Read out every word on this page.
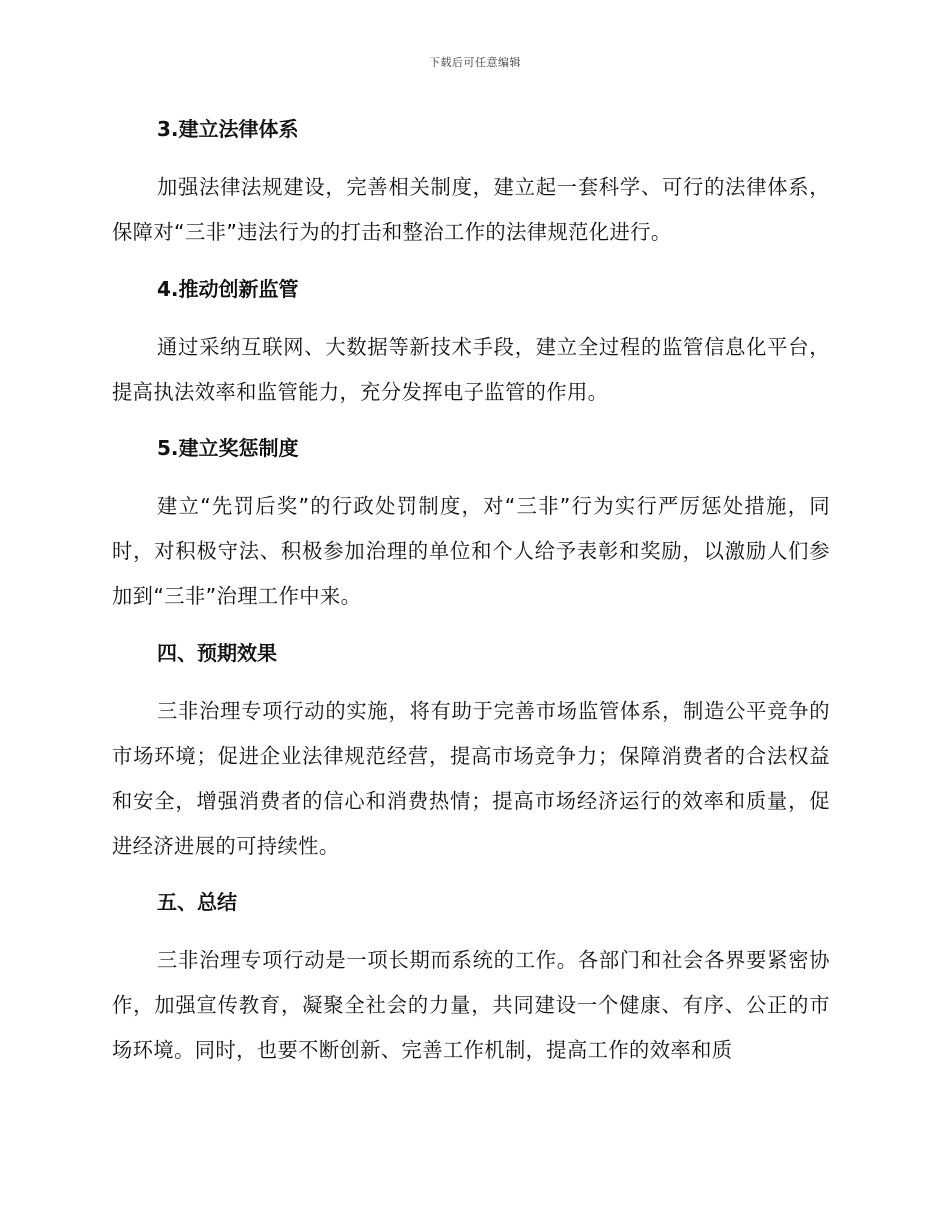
下载后可任意编辑
3.建立法律体系
加强法律法规建设，完善相关制度，建立起一套科学、可行的法律体系，保障对“三非”违法行为的打击和整治工作的法律规范化进行。
4.推动创新监管
通过采纳互联网、大数据等新技术手段，建立全过程的监管信息化平台，提高执法效率和监管能力，充分发挥电子监管的作用。
5.建立奖惩制度
建立“先罚后奖”的行政处罚制度，对“三非”行为实行严厉惩处措施，同时，对积极守法、积极参加治理的单位和个人给予表彰和奖励，以激励人们参加到“三非”治理工作中来。
四、预期效果
三非治理专项行动的实施，将有助于完善市场监管体系，制造公平竞争的市场环境；促进企业法律规范经营，提高市场竞争力；保障消费者的合法权益和安全，增强消费者的信心和消费热情；提高市场经济运行的效率和质量，促进经济进展的可持续性。
五、总结
三非治理专项行动是一项长期而系统的工作。各部门和社会各界要紧密协作，加强宣传教育，凝聚全社会的力量，共同建设一个健康、有序、公正的市场环境。同时，也要不断创新、完善工作机制，提高工作的效率和质
